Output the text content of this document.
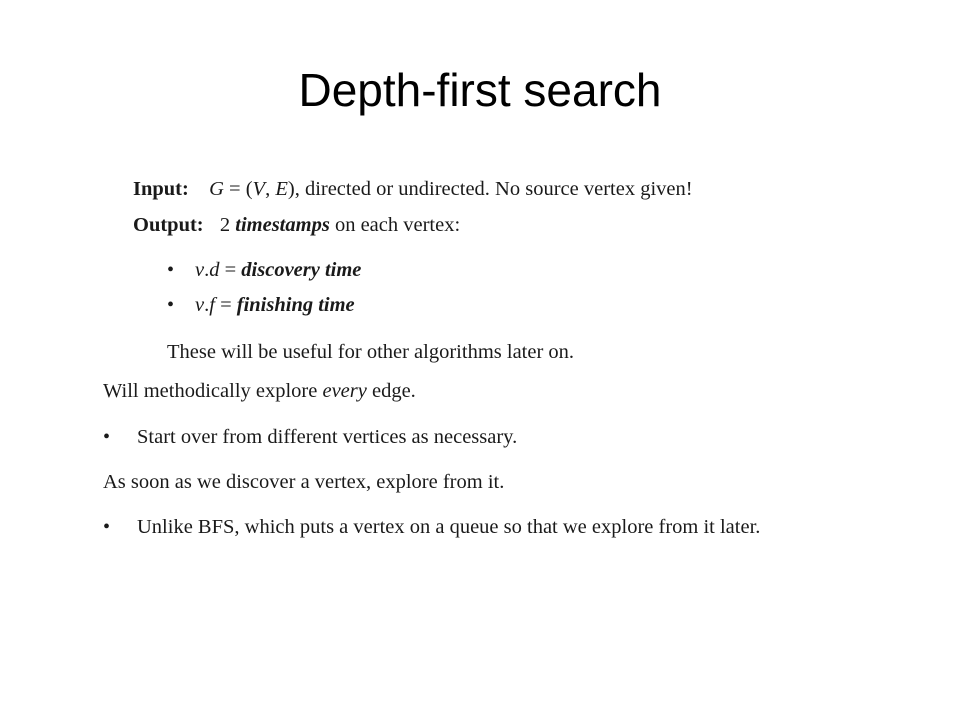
Depth-first search
Input: G = (V, E), directed or undirected. No source vertex given!
Output: 2 timestamps on each vertex:
• v.d = discovery time
• v.f = finishing time
These will be useful for other algorithms later on.
Will methodically explore every edge.
• Start over from different vertices as necessary.
As soon as we discover a vertex, explore from it.
• Unlike BFS, which puts a vertex on a queue so that we explore from it later.
